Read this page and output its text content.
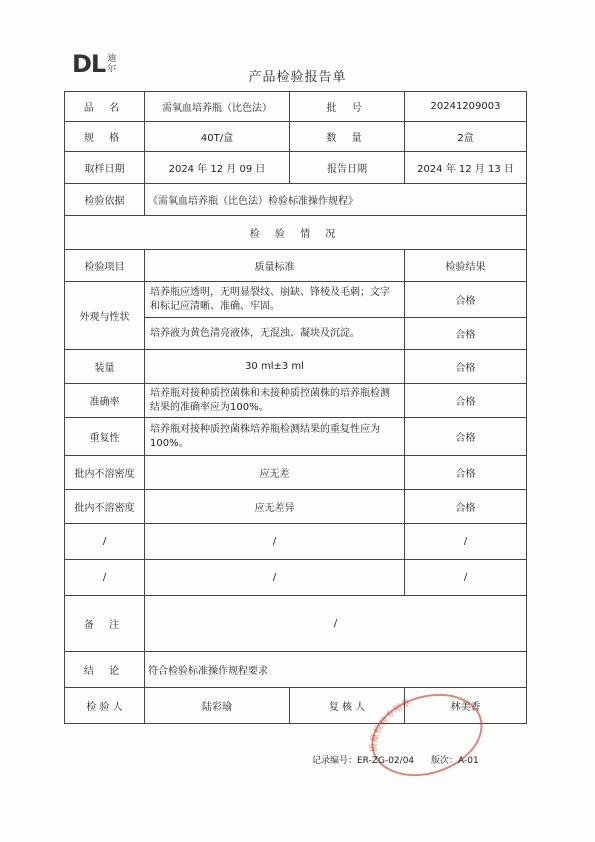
DL 迪
尔
产品检验报告单
品 名	需氧血培养瓶（比色法）	批 号	20241209003
规 格	40T/盒	数 量	2盒
取样日期	2024 年 12 月 09 日	报告日期	2024 年 12 月 13 日
检验依据	《需氧血培养瓶（比色法）检验标准操作规程》		
检 验 情 况			
检验项目	质量标准		检验结果
外观与性状	培养瓶应透明，无明显裂纹、崩缺、锋棱及毛刺；文字和标记应清晰、准确、牢固。		合格
	培养液为黄色清亮液体，无混浊、凝块及沉淀。		合格
装量	30 ml±3 ml		合格
准确率	培养瓶对接种质控菌株和未接种质控菌株的培养瓶检测结果的准确率应为100%。		合格
重复性	培养瓶对接种质控菌株培养瓶检测结果的重复性应为100%。		合格
批内不溶密度	应无差		合格
批内不溶密度	应无差异		合格
/	/		/
/	/		/
备 注	/		
结 论	符合检验标准操作规程要求		
检 验 人	陆彩瑜	复 核 人	林美香
质量检验专用章
记录编号：ER-ZG-02/04 版次：A-01
